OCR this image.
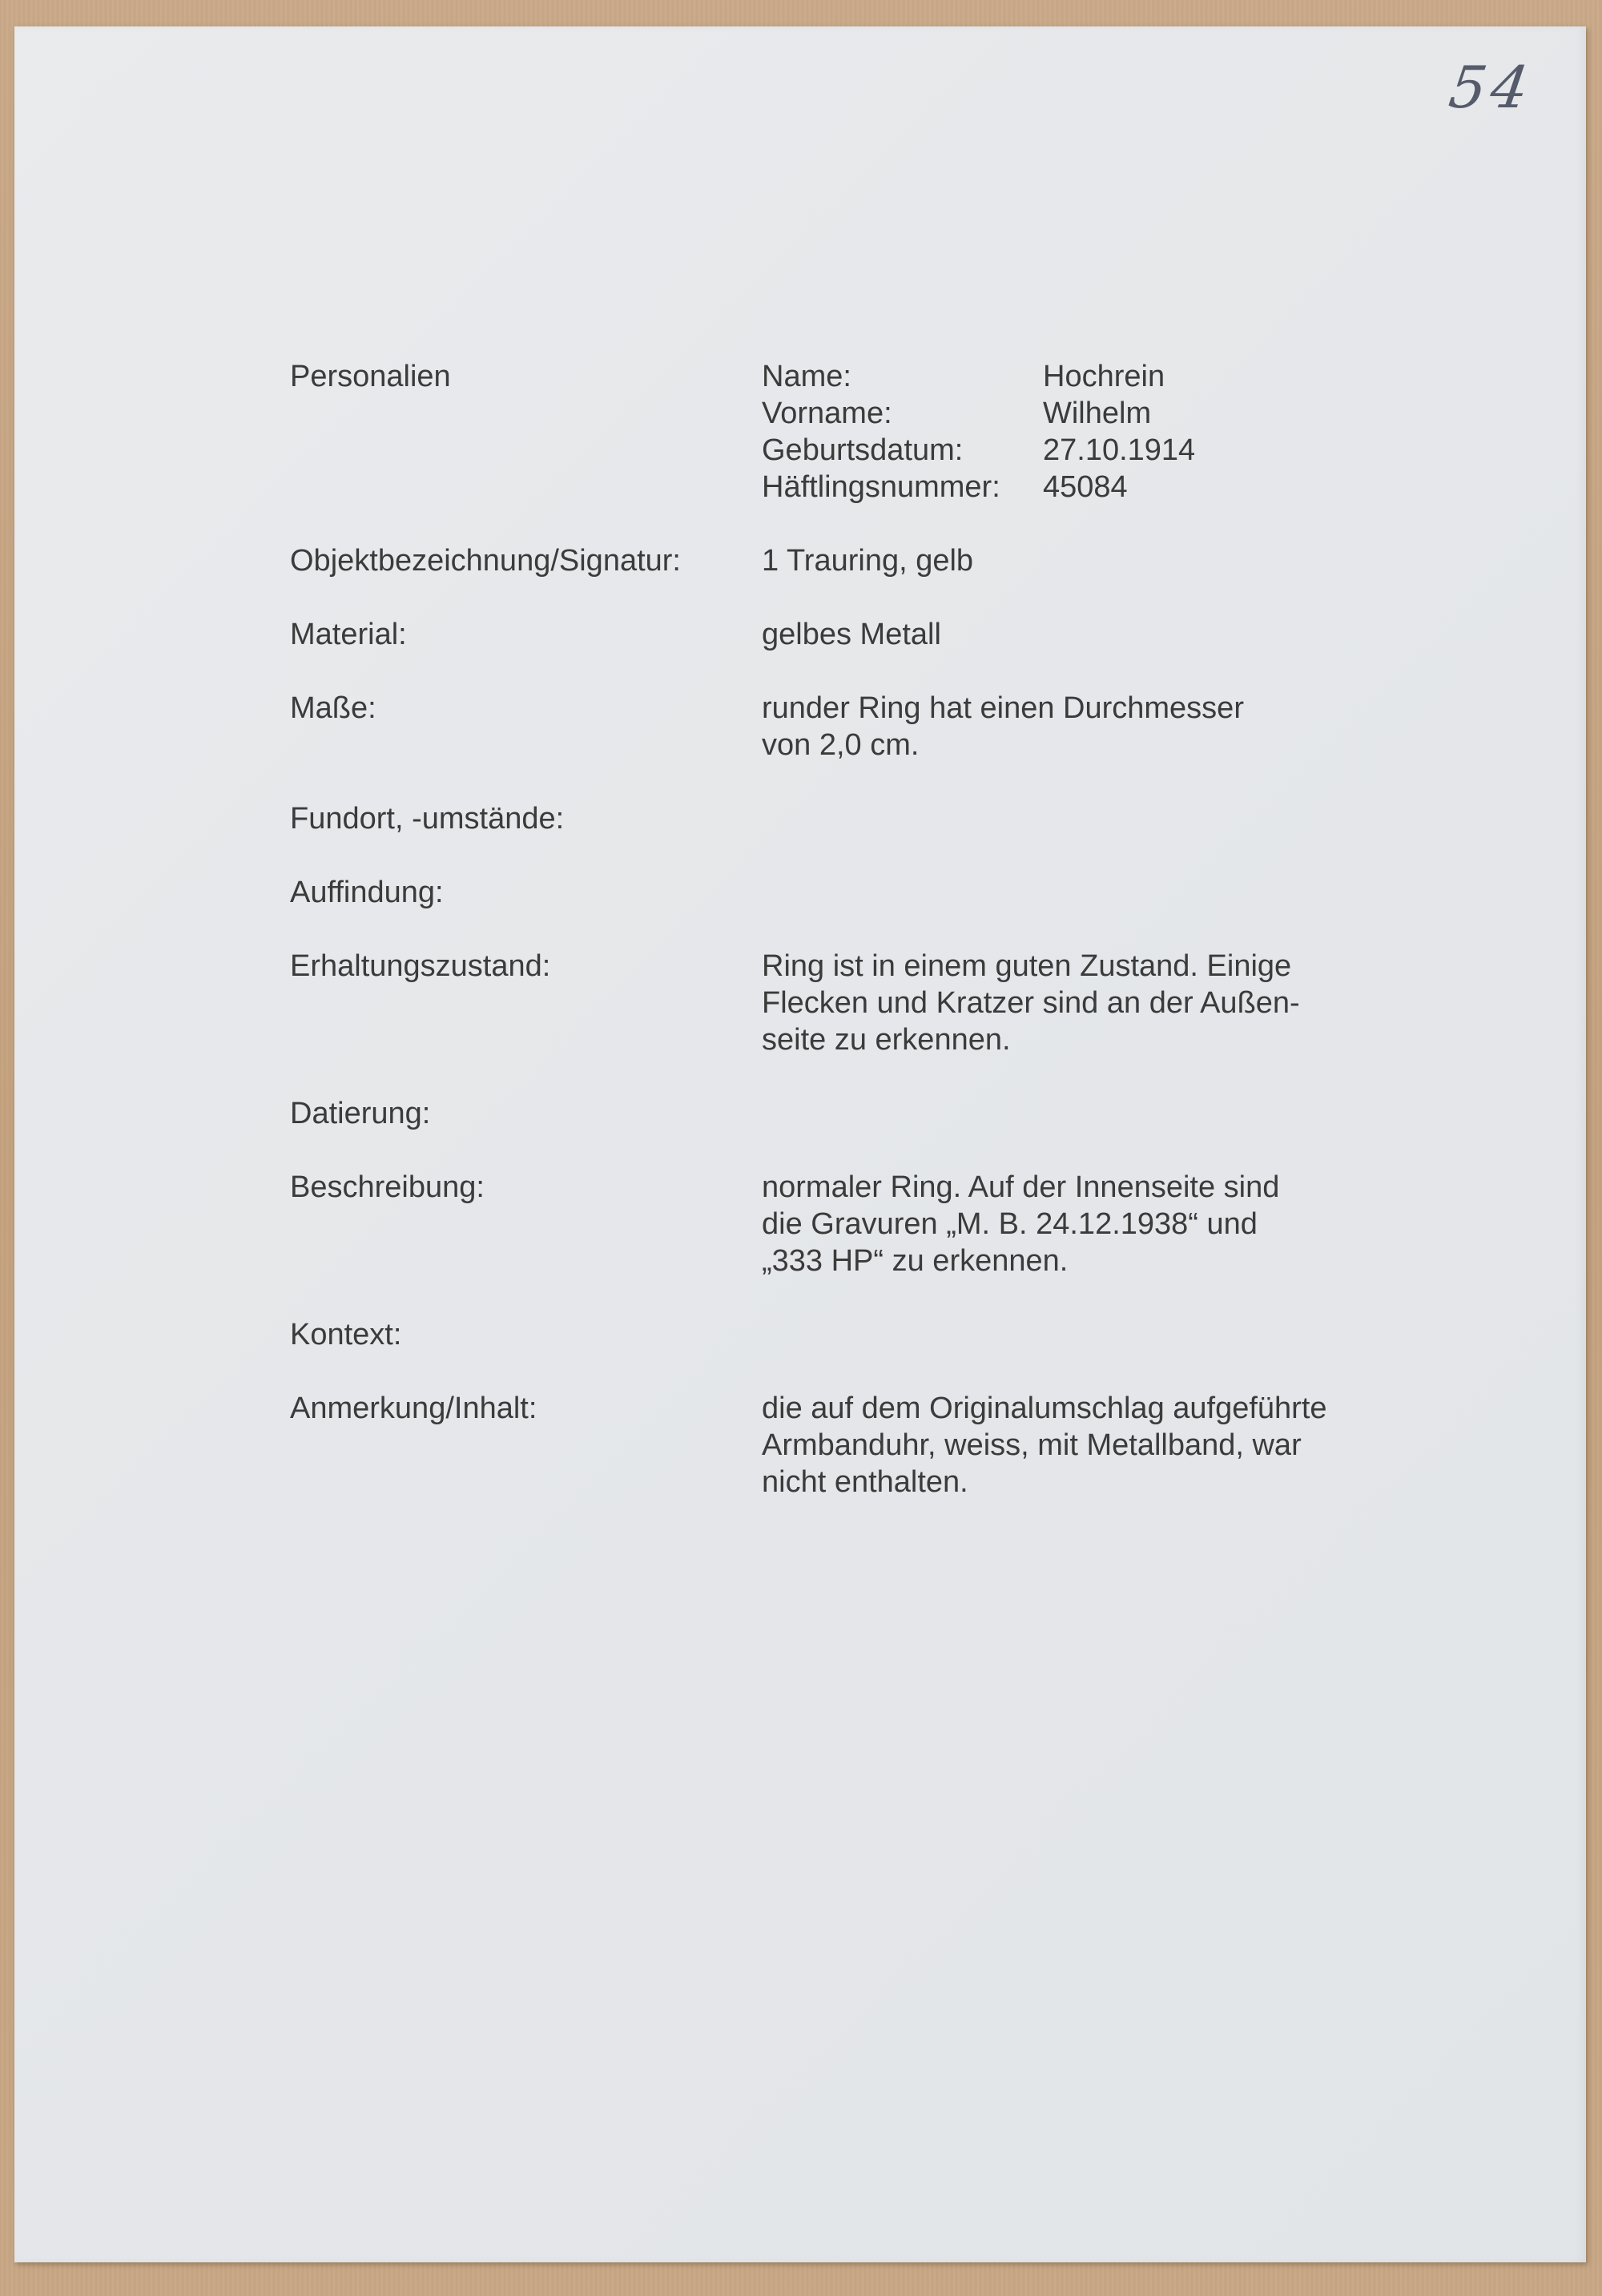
54
Personalien	Name:	Hochrein
Vorname:	Wilhelm
Geburtsdatum:	27.10.1914
Häftlingsnummer:	45084
Objektbezeichnung/Signatur:	1 Trauring, gelb
Material:	gelbes Metall
Maße:	runder Ring hat einen Durchmesser
von 2,0 cm.
Fundort, -umstände:
Auffindung:
Erhaltungszustand:	Ring ist in einem guten Zustand. Einige
Flecken und Kratzer sind an der Außen-
seite zu erkennen.
Datierung:
Beschreibung:	normaler Ring. Auf der Innenseite sind
die Gravuren „M. B. 24.12.1938“ und
„333 HP“ zu erkennen.
Kontext:
Anmerkung/Inhalt:	die auf dem Originalumschlag aufgeführte
Armbanduhr, weiss, mit Metallband, war
nicht enthalten.
